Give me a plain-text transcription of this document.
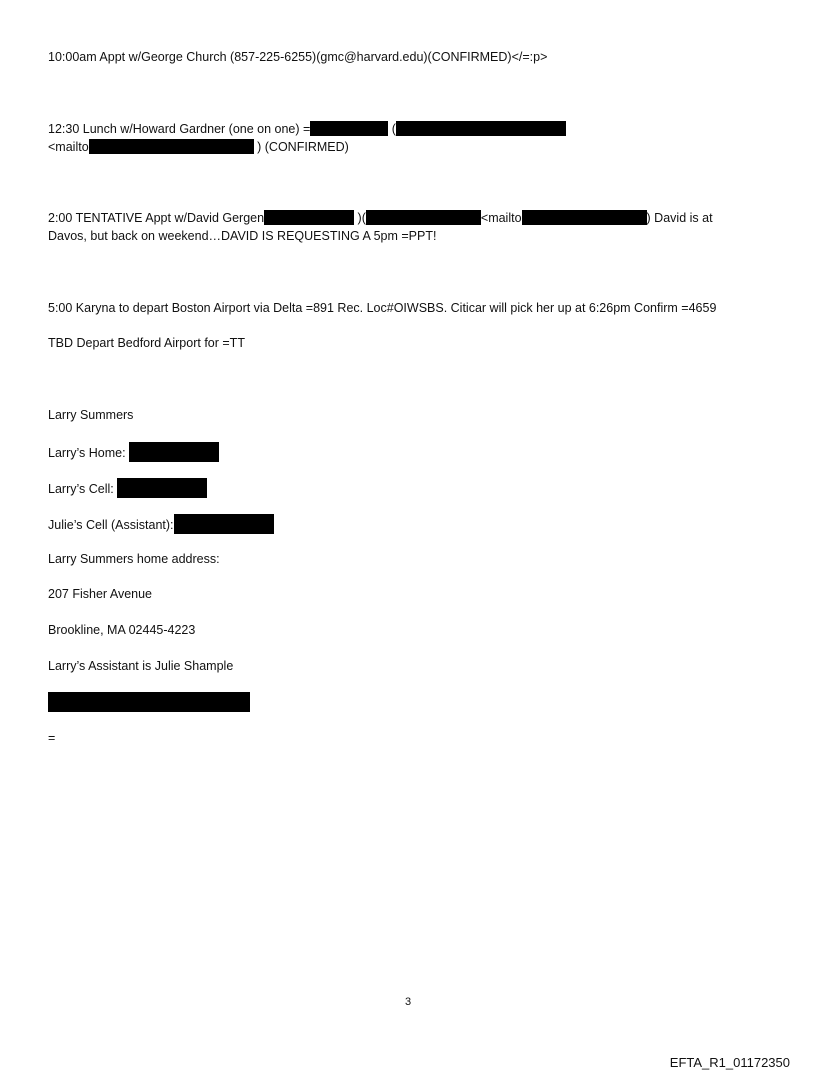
10:00am Appt w/George Church (857-225-6255)(gmc@harvard.edu)(CONFIRMED)</=:p>
12:30 Lunch w/Howard Gardner (one on one) =	(
<mailto	) (CONFIRMED)
2:00 TENTATIVE Appt w/David Gergen	)(	<mailto	) David is at
Davos, but back on weekend…DAVID IS REQUESTING A 5pm =PPT!
5:00 Karyna to depart Boston Airport via Delta =891 Rec. Loc#OIWSBS. Citicar will pick her up at 6:26pm Confirm =4659
TBD Depart Bedford Airport for =TT
Larry Summers
Larry’s Home:
Larry’s Cell:
Julie’s Cell (Assistant):
Larry Summers home address:
207 Fisher Avenue
Brookline, MA 02445-4223
Larry’s Assistant is Julie Shample
=
3
EFTA_R1_01172350
